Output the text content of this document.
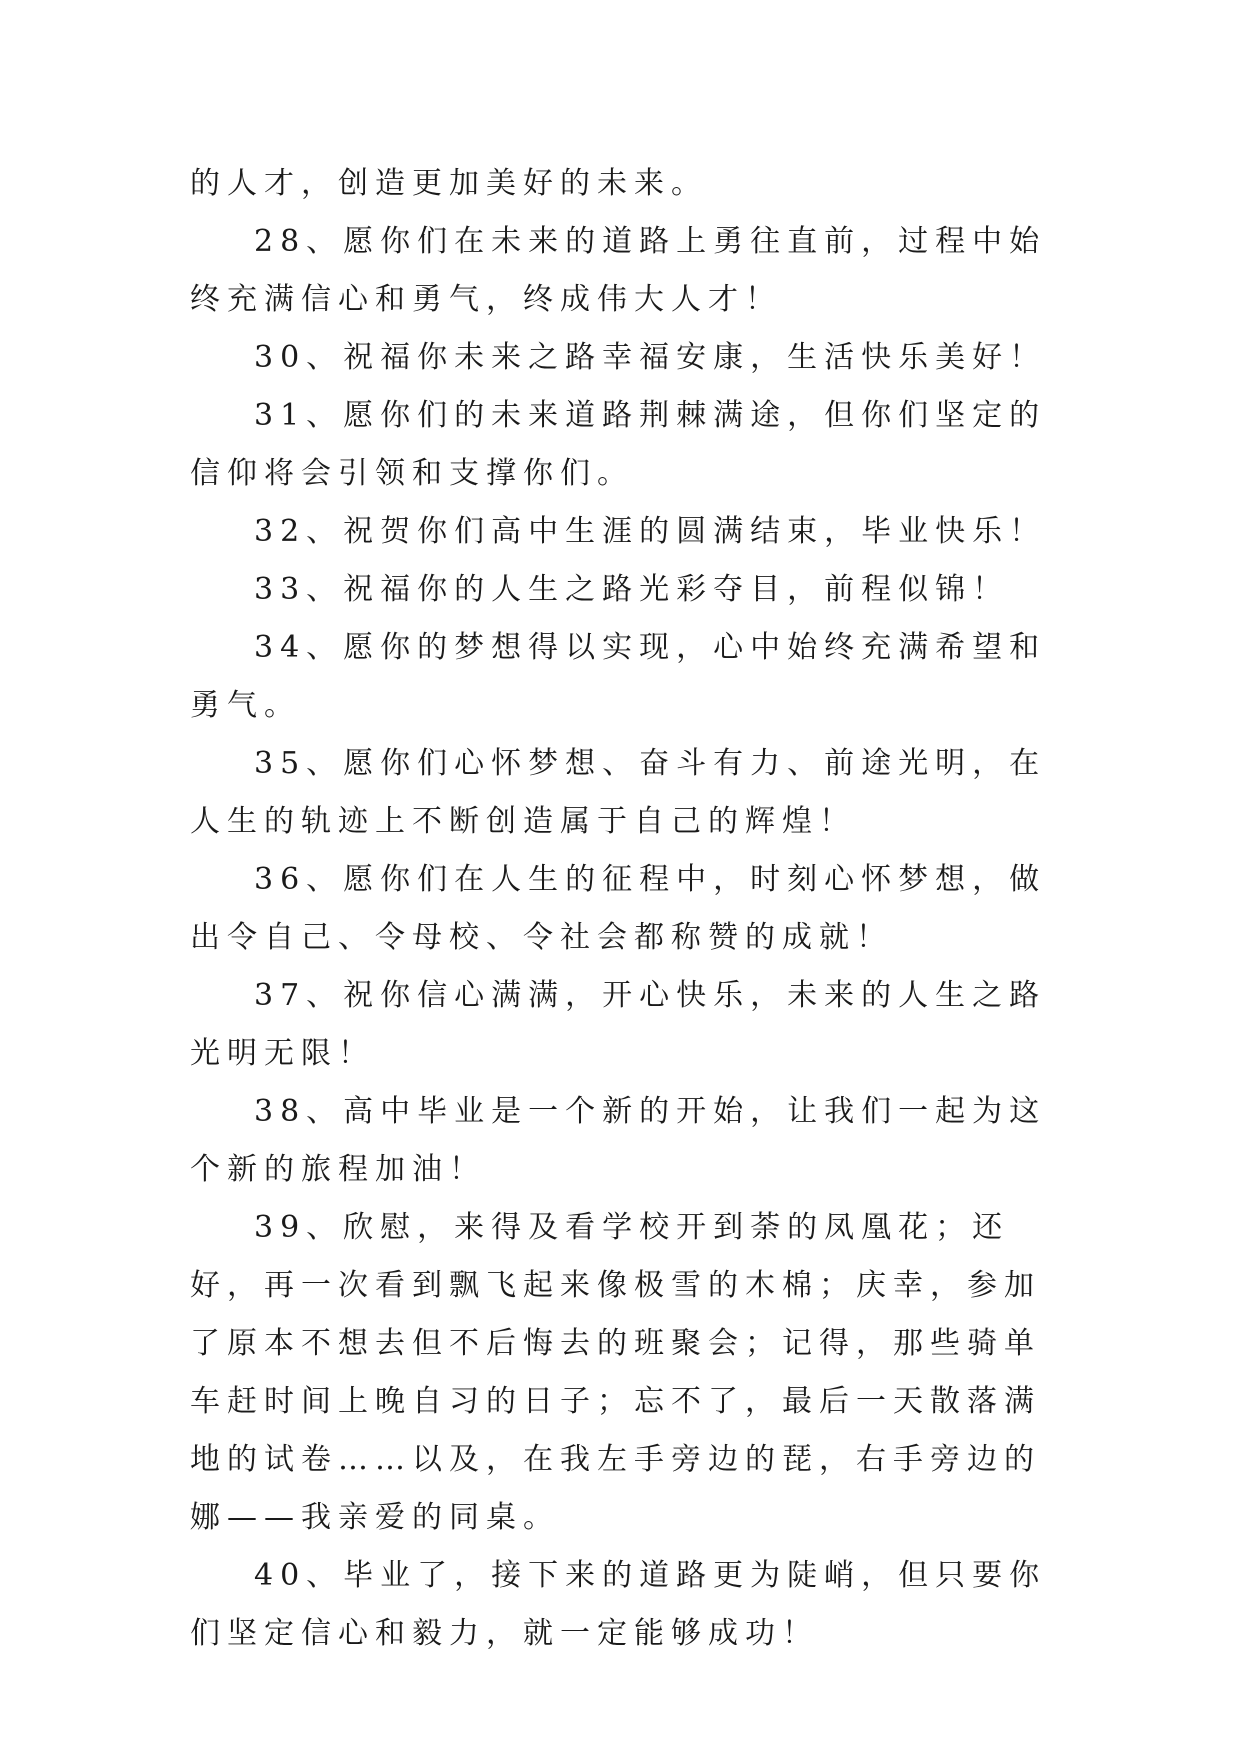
的人才，创造更加美好的未来。

28、愿你们在未来的道路上勇往直前，过程中始终充满信心和勇气，终成伟大人才！

30、祝福你未来之路幸福安康，生活快乐美好！

31、愿你们的未来道路荆棘满途，但你们坚定的信仰将会引领和支撑你们。

32、祝贺你们高中生涯的圆满结束，毕业快乐！

33、祝福你的人生之路光彩夺目，前程似锦！

34、愿你的梦想得以实现，心中始终充满希望和勇气。

35、愿你们心怀梦想、奋斗有力、前途光明，在人生的轨迹上不断创造属于自己的辉煌！

36、愿你们在人生的征程中，时刻心怀梦想，做出令自己、令母校、令社会都称赞的成就！

37、祝你信心满满，开心快乐，未来的人生之路光明无限！

38、高中毕业是一个新的开始，让我们一起为这个新的旅程加油！

39、欣慰，来得及看学校开到荼的凤凰花；还好，再一次看到飘飞起来像极雪的木棉；庆幸，参加了原本不想去但不后悔去的班聚会；记得，那些骑单车赶时间上晚自习的日子；忘不了，最后一天散落满地的试卷……以及，在我左手旁边的琵，右手旁边的娜——我亲爱的同桌。

40、毕业了，接下来的道路更为陡峭，但只要你们坚定信心和毅力，就一定能够成功！
